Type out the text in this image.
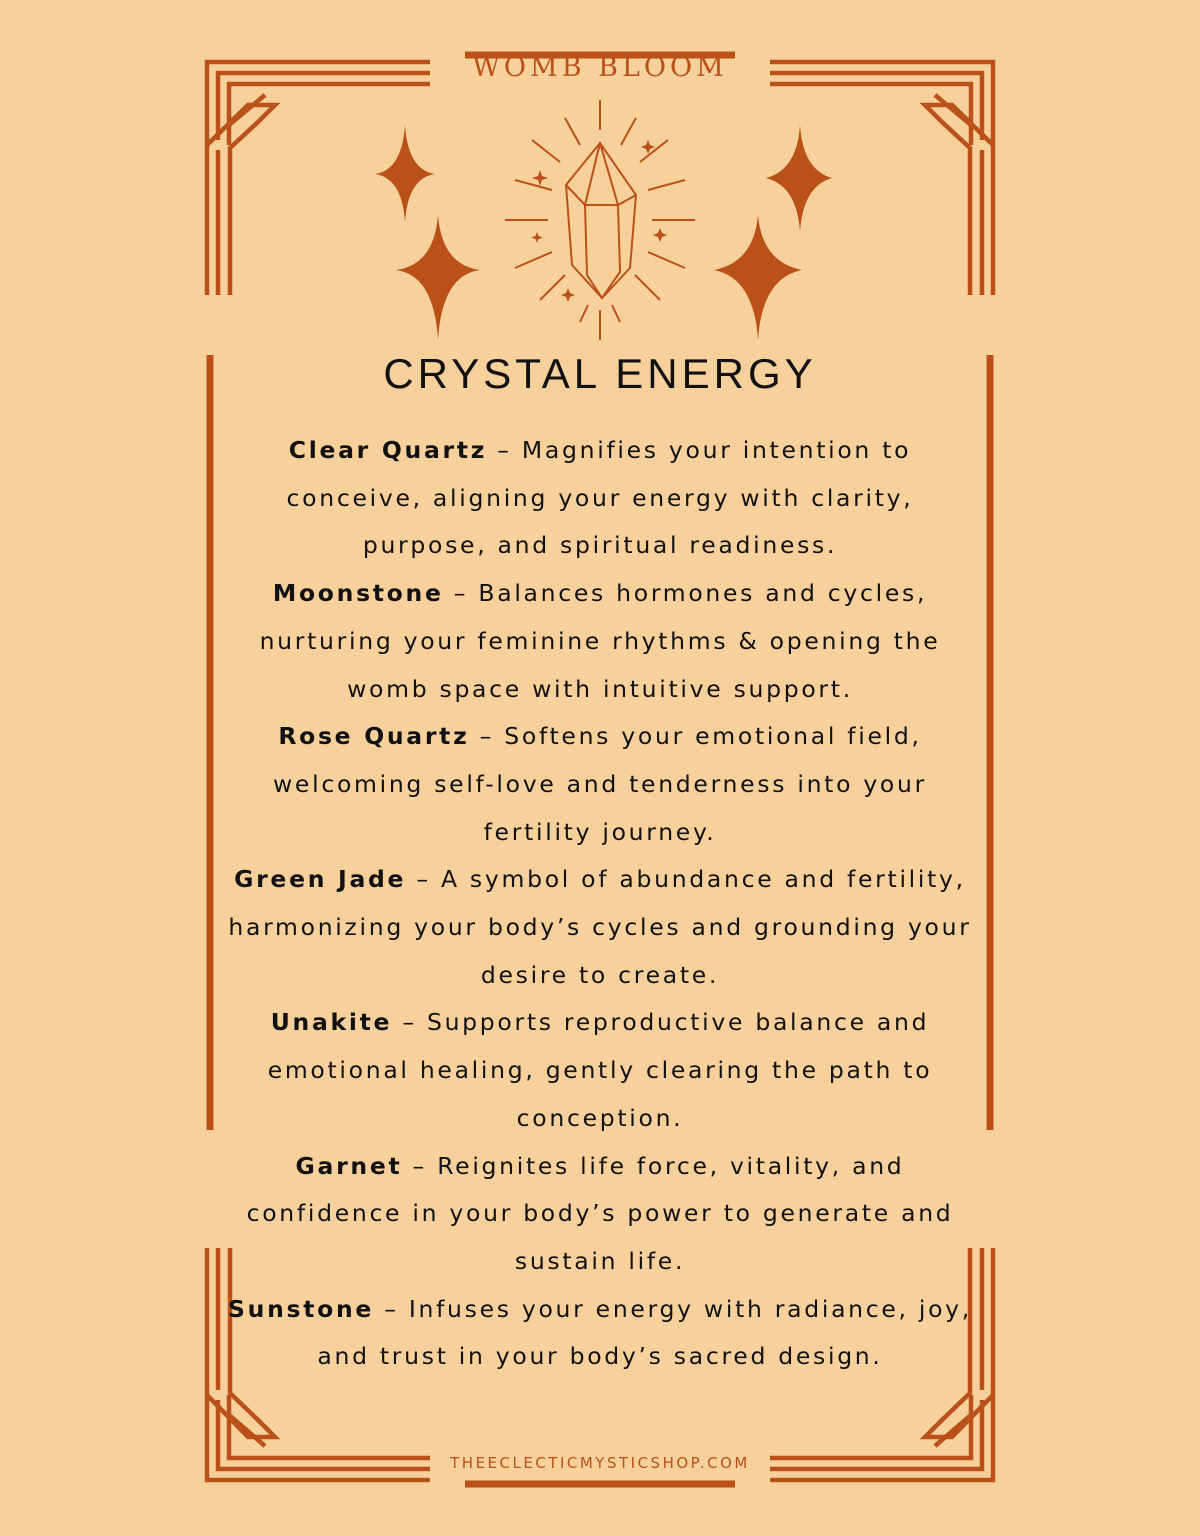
WOMB BLOOM
CRYSTAL ENERGY

Clear Quartz – Magnifies your intention to conceive, aligning your energy with clarity, purpose, and spiritual readiness.

Moonstone – Balances hormones and cycles, nurturing your feminine rhythms & opening the womb space with intuitive support.

Rose Quartz – Softens your emotional field, welcoming self-love and tenderness into your fertility journey.

Green Jade – A symbol of abundance and fertility, harmonizing your body’s cycles and grounding your desire to create.

Unakite – Supports reproductive balance and emotional healing, gently clearing the path to conception.

Garnet – Reignites life force, vitality, and confidence in your body’s power to generate and sustain life.

Sunstone – Infuses your energy with radiance, joy, and trust in your body’s sacred design.

THEECLECTICMYSTICSHOP.COM
